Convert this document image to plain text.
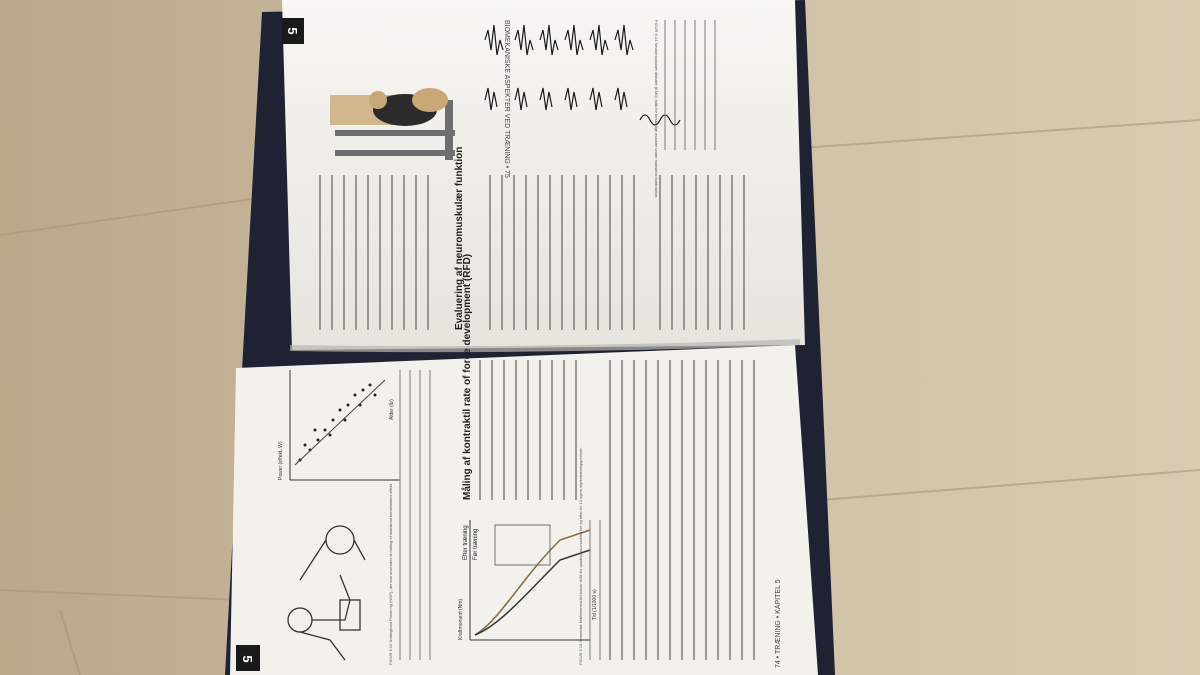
5
5
Evaluering af neuromuskulær funktion
BIOMEKANISKE ASPEKTER VED TRÆNING • 75
Efter træning Før træning
Måling af kontraktil rate of force development (RFD)
74 • TRÆNING • KAPITEL 5
FIGUR 5.12 Nottingham Power rig (NOP), der kan anvendes til måling af maksimal benstrækker effekt.	FIGUR 5.13 Isometrisk kraftmoment-tid kurver målt for quadriceps-musklen før og efter en 14 ugers styrketræningsperiode.
FIGUR 5.14 Neuromuskulær aktivitet (EMG) målt for forskellige muskler under maksimal kontraktion.
Kraftmoment (Nm)	Tid (1/1000 s)
Power (effekt, W)
Alder (år)
